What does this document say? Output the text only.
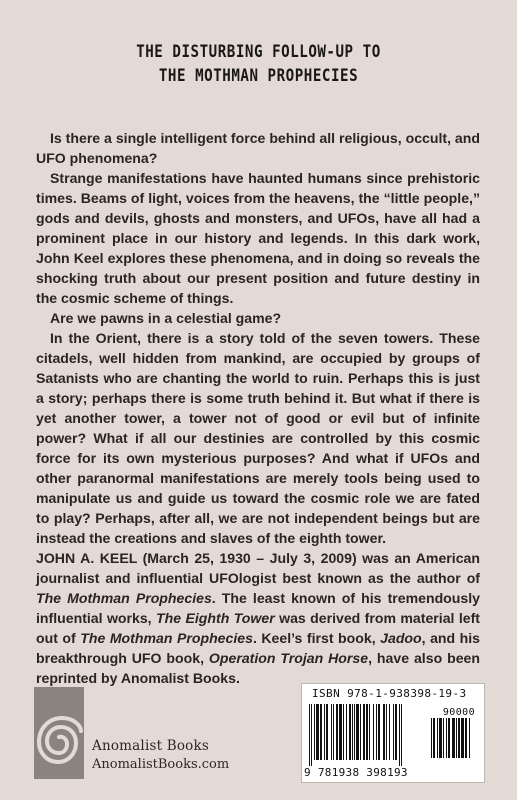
THE DISTURBING FOLLOW-UP TO
THE MOTHMAN PROPHECIES

Is there a single intelligent force behind all religious, occult, and UFO phenomena?

Strange manifestations have haunted humans since prehistoric times. Beams of light, voices from the heavens, the “little people,” gods and devils, ghosts and monsters, and UFOs, have all had a prominent place in our history and legends. In this dark work, John Keel explores these phenomena, and in doing so reveals the shocking truth about our present position and future destiny in the cosmic scheme of things.

Are we pawns in a celestial game?

In the Orient, there is a story told of the seven towers. These citadels, well hidden from mankind, are occupied by groups of Satanists who are chanting the world to ruin. Perhaps this is just a story; perhaps there is some truth behind it. But what if there is yet another tower, a tower not of good or evil but of infinite power? What if all our destinies are controlled by this cosmic force for its own mysterious purposes? And what if UFOs and other paranormal manifestations are merely tools being used to manipulate us and guide us toward the cosmic role we are fated to play? Perhaps, after all, we are not independent beings but are instead the creations and slaves of the eighth tower.

JOHN A. KEEL (March 25, 1930 – July 3, 2009) was an American journalist and influential UFOlogist best known as the author of The Mothman Prophecies. The least known of his tremendously influential works, The Eighth Tower was derived from material left out of The Mothman Prophecies. Keel’s first book, Jadoo, and his breakthrough UFO book, Operation Trojan Horse, have also been reprinted by Anomalist Books.

Anomalist Books
AnomalistBooks.com
ISBN 978-1-938398-19-3
90000
9 781938 398193
